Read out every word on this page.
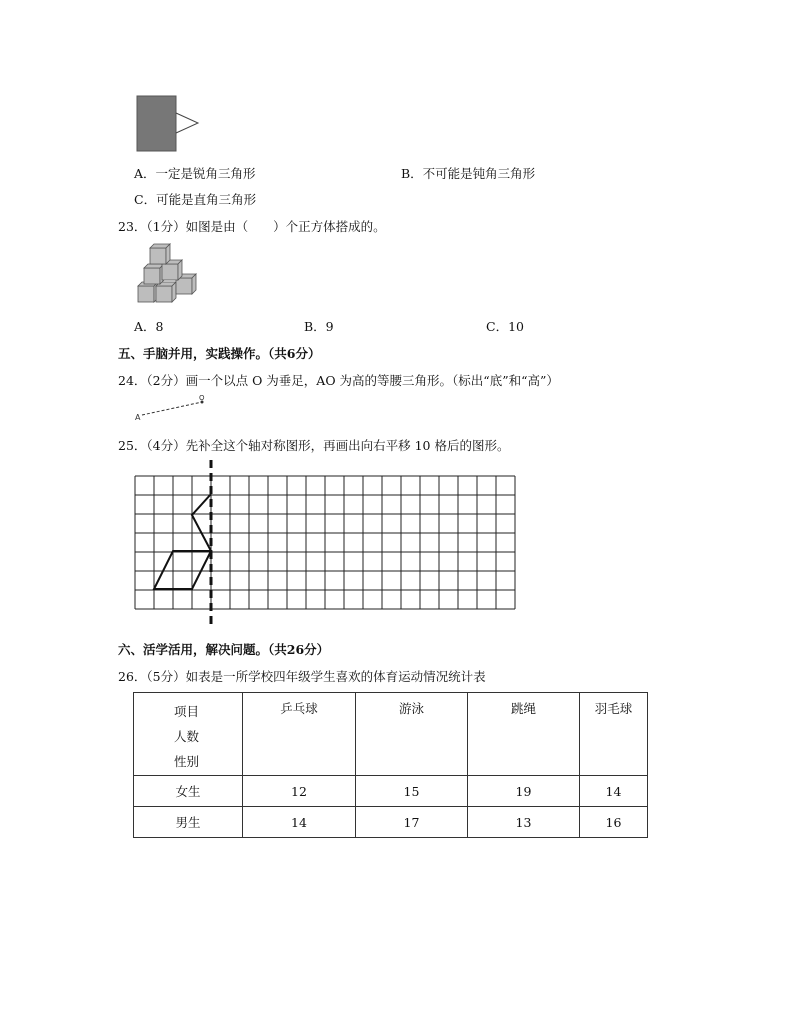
A．一定是锐角三角形	B．不可能是钝角三角形
C．可能是直角三角形
23．（1分）如图是由（　　）个正方体搭成的。
A．8	B．9	C．10
五、手脑并用，实践操作。（共6分）
24．（2分）画一个以点 O 为垂足，AO 为高的等腰三角形。（标出“底”和“高”）
A
O
25．（4分）先补全这个轴对称图形，再画出向右平移 10 格后的图形。
六、活学活用，解决问题。（共26分）
26．（5分）如表是一所学校四年级学生喜欢的体育运动情况统计表
项目
人数
性别	乒乓球	游泳	跳绳	羽毛球

女生	12	15	19	14
男生	14	17	13	16
